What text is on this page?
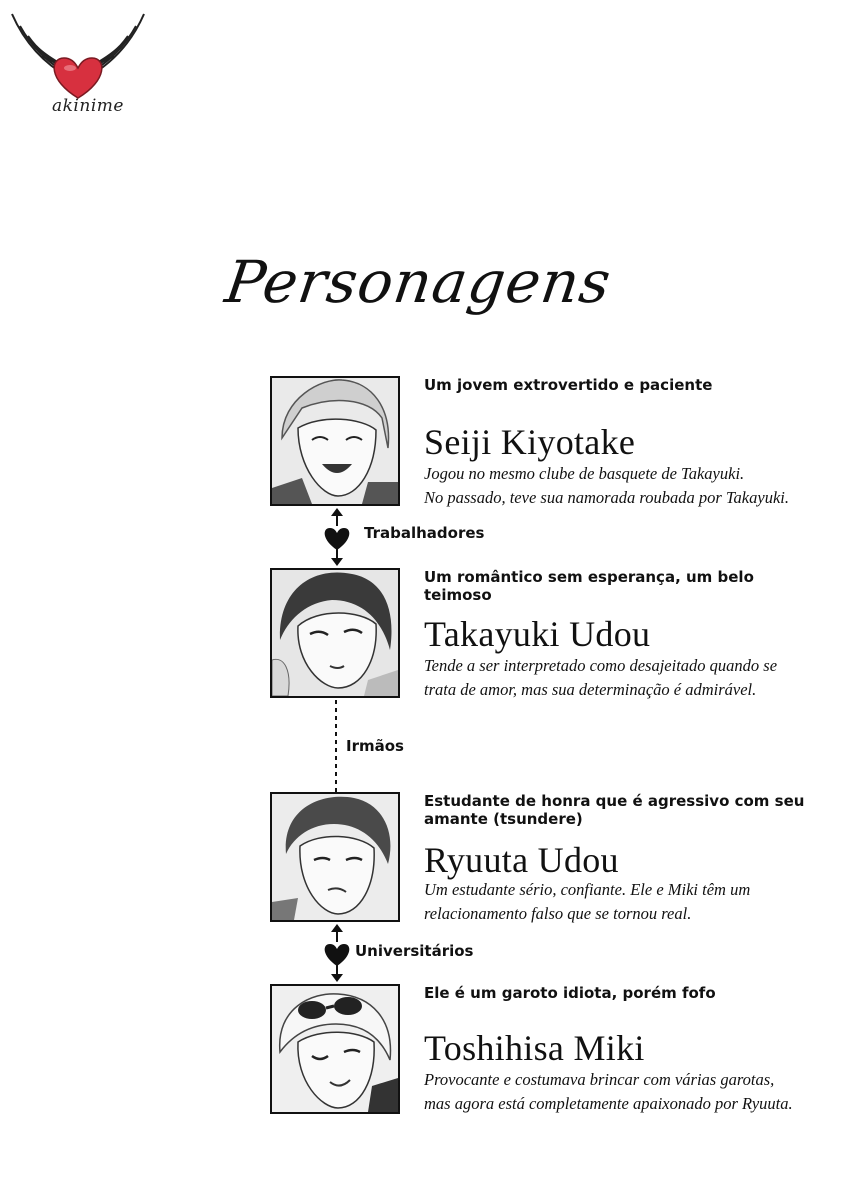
akinime
Personagens
Um jovem extrovertido e paciente
Seiji Kiyotake
Jogou no mesmo clube de basquete de Takayuki.
No passado, teve sua namorada roubada por Takayuki.
Trabalhadores
Um romântico sem esperança, um belo teimoso
Takayuki Udou
Tende a ser interpretado como desajeitado quando se
trata de amor, mas sua determinação é admirável.
Irmãos
Estudante de honra que é agressivo com seu amante (tsundere)
Ryuuta Udou
Um estudante sério, confiante. Ele e Miki têm um
relacionamento falso que se tornou real.
Universitários
Ele é um garoto idiota, porém fofo
Toshihisa Miki
Provocante e costumava brincar com várias garotas,
mas agora está completamente apaixonado por Ryuuta.
